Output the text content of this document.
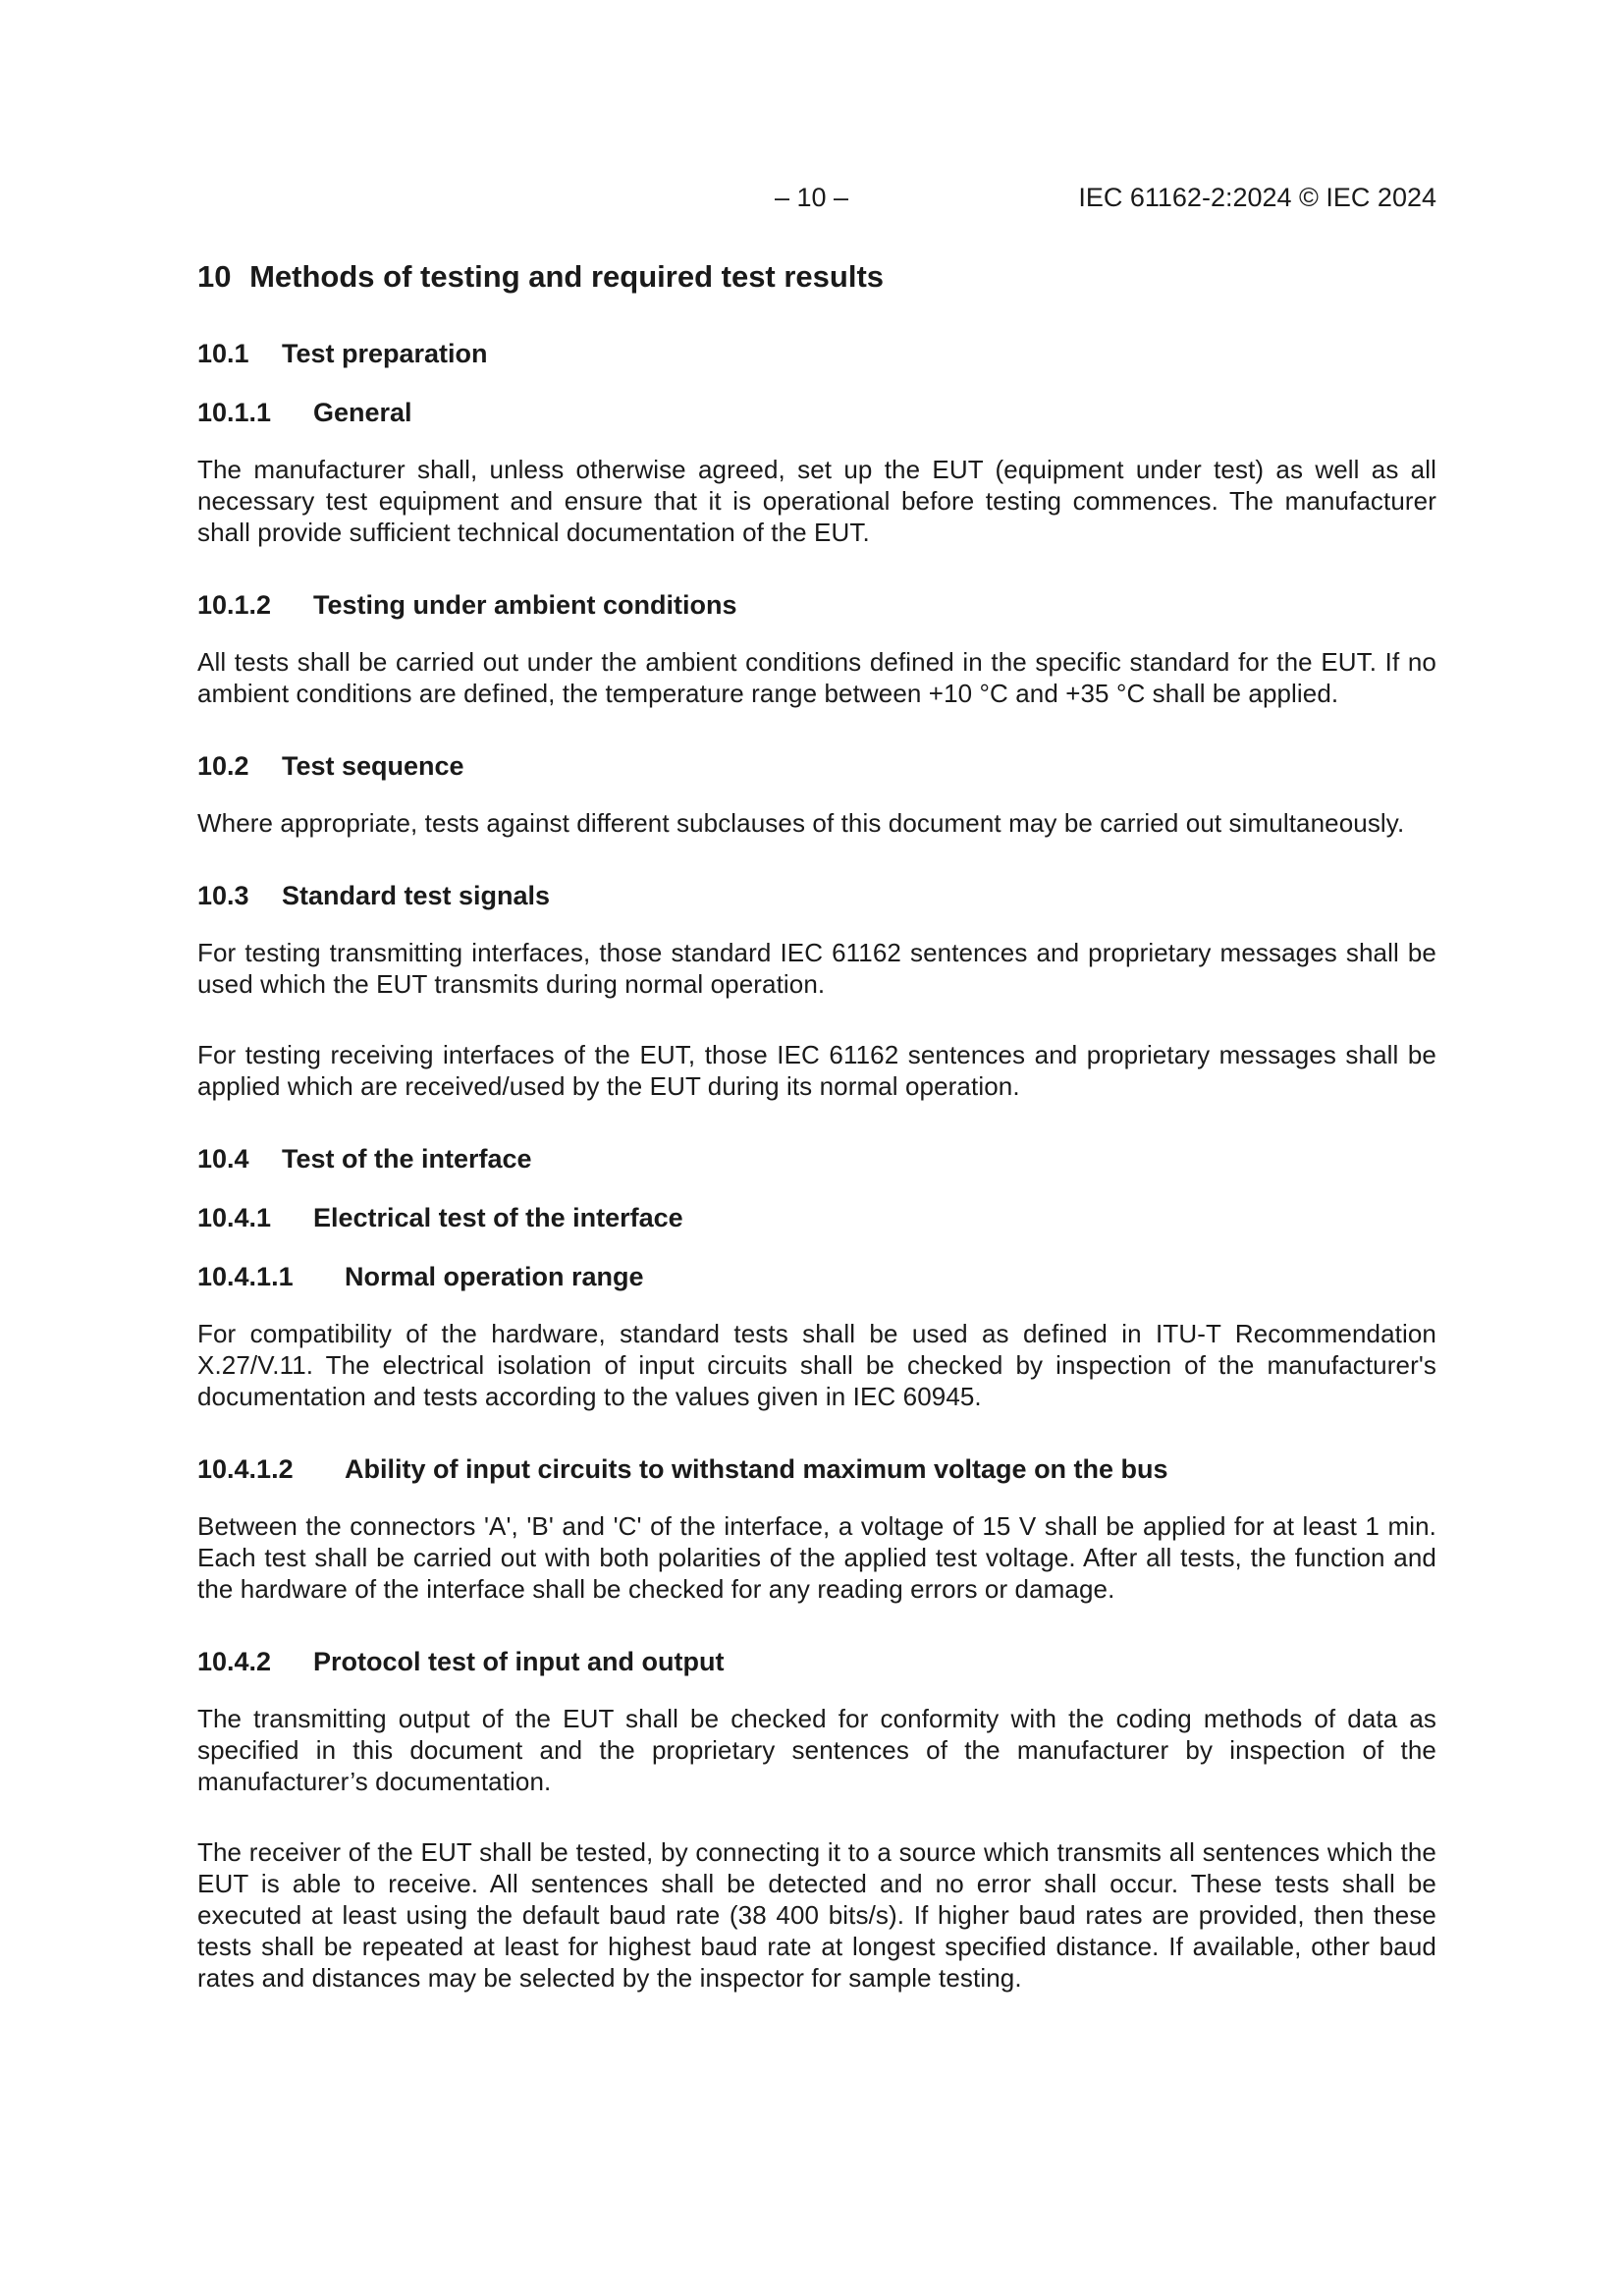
– 10 –	IEC 61162-2:2024 © IEC 2024
10 Methods of testing and required test results
10.1 Test preparation
10.1.1 General

The manufacturer shall, unless otherwise agreed, set up the EUT (equipment under test) as well as all necessary test equipment and ensure that it is operational before testing commences. The manufacturer shall provide sufficient technical documentation of the EUT.

10.1.2 Testing under ambient conditions

All tests shall be carried out under the ambient conditions defined in the specific standard for the EUT. If no ambient conditions are defined, the temperature range between +10 °C and +35 °C shall be applied.

10.2 Test sequence

Where appropriate, tests against different subclauses of this document may be carried out simultaneously.

10.3 Standard test signals

For testing transmitting interfaces, those standard IEC 61162 sentences and proprietary messages shall be used which the EUT transmits during normal operation.

For testing receiving interfaces of the EUT, those IEC 61162 sentences and proprietary messages shall be applied which are received/used by the EUT during its normal operation.

10.4 Test of the interface
10.4.1 Electrical test of the interface
10.4.1.1 Normal operation range

For compatibility of the hardware, standard tests shall be used as defined in ITU-T Recommendation X.27/V.11. The electrical isolation of input circuits shall be checked by inspection of the manufacturer's documentation and tests according to the values given in IEC 60945.

10.4.1.2 Ability of input circuits to withstand maximum voltage on the bus

Between the connectors 'A', 'B' and 'C' of the interface, a voltage of 15 V shall be applied for at least 1 min. Each test shall be carried out with both polarities of the applied test voltage. After all tests, the function and the hardware of the interface shall be checked for any reading errors or damage.

10.4.2 Protocol test of input and output

The transmitting output of the EUT shall be checked for conformity with the coding methods of data as specified in this document and the proprietary sentences of the manufacturer by inspection of the manufacturer’s documentation.

The receiver of the EUT shall be tested, by connecting it to a source which transmits all sentences which the EUT is able to receive. All sentences shall be detected and no error shall occur. These tests shall be executed at least using the default baud rate (38 400 bits/s). If higher baud rates are provided, then these tests shall be repeated at least for highest baud rate at longest specified distance. If available, other baud rates and distances may be selected by the inspector for sample testing.
